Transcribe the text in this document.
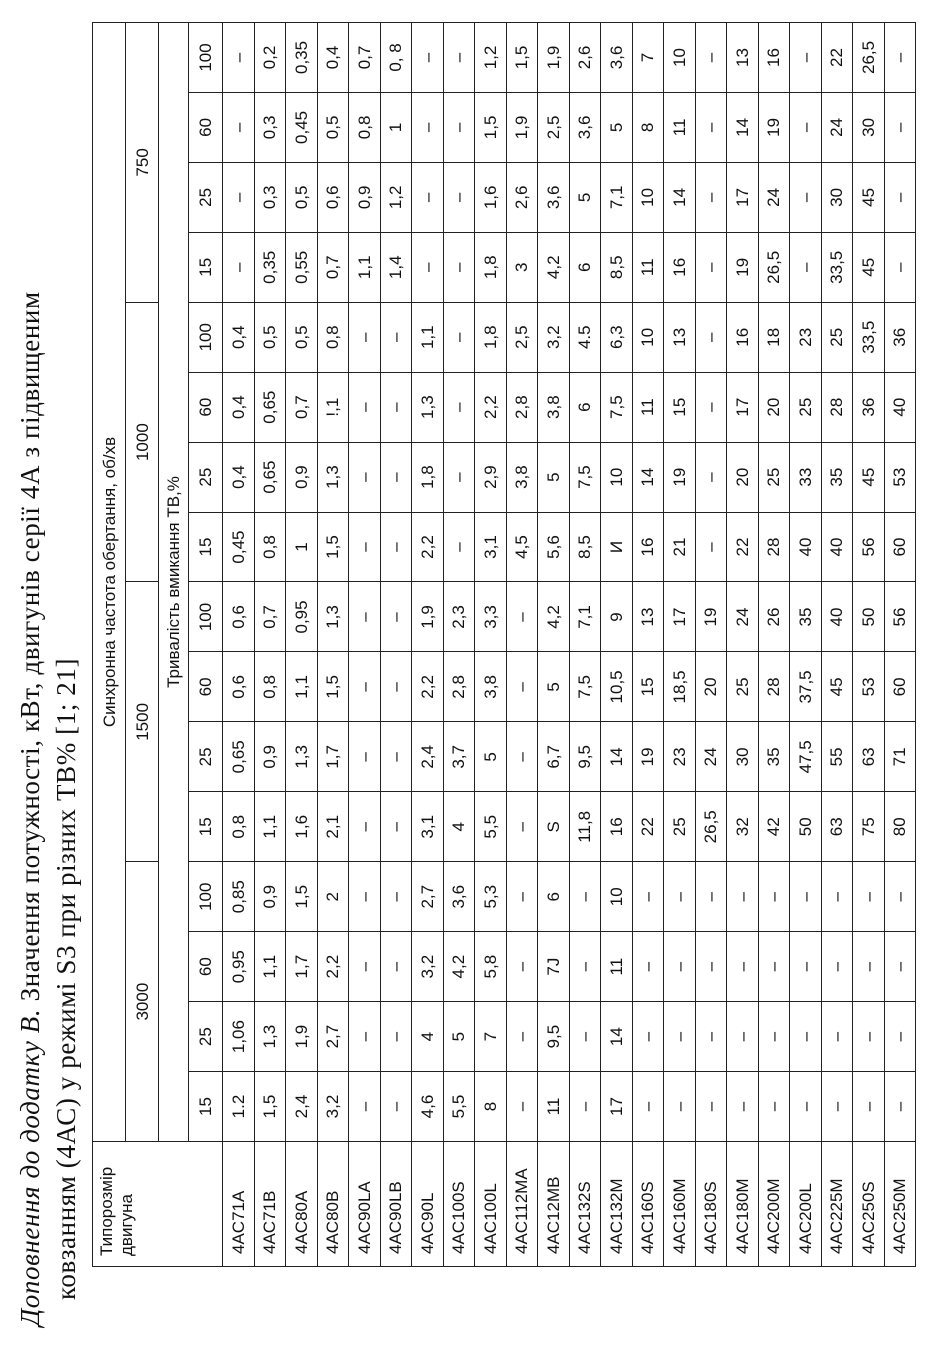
Доповнення до додатку В. Значення потужності, кВт, двигунів серії 4А з підвищеним ковзанням (4АС) у режимі S3 при різних ТВ% [1; 21] Типорозмір двигуна	Синхронна частота обертання, об/хв															
	3000				1500				1000				750			
	Тривалість вмикання ТВ,%															
	15	25	60	100	15	25	60	100	15	25	60	100	15	25	60	100
4AC71A	1.2	1,06	0,95	0,85	0,8	0,65	0,6	0,6	0,45	0,4	0,4	0,4	–	–	–	–
4AC71B	1,5	1,3	1,1	0,9	1,1	0,9	0,8	0,7	0,8	0,65	0,65	0,5	0,35	0,3	0,3	0,2
4AC80A	2,4	1,9	1,7	1,5	1,6	1,3	1,1	0,95	1	0,9	0,7	0,5	0,55	0,5	0,45	0,35
4AC80B	3,2	2,7	2,2	2	2,1	1,7	1,5	1,3	1,5	1,3	!,1	0,8	0,7	0,6	0,5	0,4
4AC90LA	–	–	–	–	–	–	–	–	–	–	–	–	1,1	0,9	0,8	0,7
4AC90LB	–	–	–	–	–	–	–	–	–	–	–	–	1,4	1,2	1	0, 8
4AC90L	4,6	4	3,2	2,7	3,1	2,4	2,2	1,9	2,2	1,8	1,3	1,1	–	–	–	–
4AC100S	5,5	5	4,2	3,6	4	3,7	2,8	2,3	–	–	–	–	–	–	–	–
4AC100L	8	7	5,8	5,3	5,5	5	3,8	3,3	3,1	2,9	2,2	1,8	1,8	1,6	1,5	1,2
4AC112MA	–	–	–	–	–	–	–	–	4,5	3,8	2,8	2,5	3	2,6	1,9	1,5
4AC12MB	11	9,5	7J	6	S	6,7	5	4,2	5,6	5	3,8	3,2	4,2	3,6	2,5	1,9
4AC132S	–	–	–	–	11,8	9,5	7,5	7,1	8,5	7,5	6	4.5	6	5	3,6	2,6
4AC132M	17	14	11	10	16	14	10,5	9	И	10	7,5	6,3	8,5	7,1	5	3,6
4AC160S	–	–	–	–	22	19	15	13	16	14	11	10	11	10	8	7
4AC160M	–	–	–	–	25	23	18,5	17	21	19	15	13	16	14	11	10
4AC180S	–	–	–	–	26,5	24	20	19	–	–	–	–	–	–	–	–
4AC180M	–	–	–	–	32	30	25	24	22	20	17	16	19	17	14	13
4AC200M	–	–	–	–	42	35	28	26	28	25	20	18	26,5	24	19	16
4AC200L	–	–	–	–	50	47,5	37,5	35	40	33	25	23	–	–	–	–
4AC225M	–	–	–	–	63	55	45	40	40	35	28	25	33,5	30	24	22
4AC250S	–	–	–	–	75	63	53	50	56	45	36	33,5	45	45	30	26,5
4AC250M	–	–	–	–	80	71	60	56	60	53	40	36	–	–	–	–
